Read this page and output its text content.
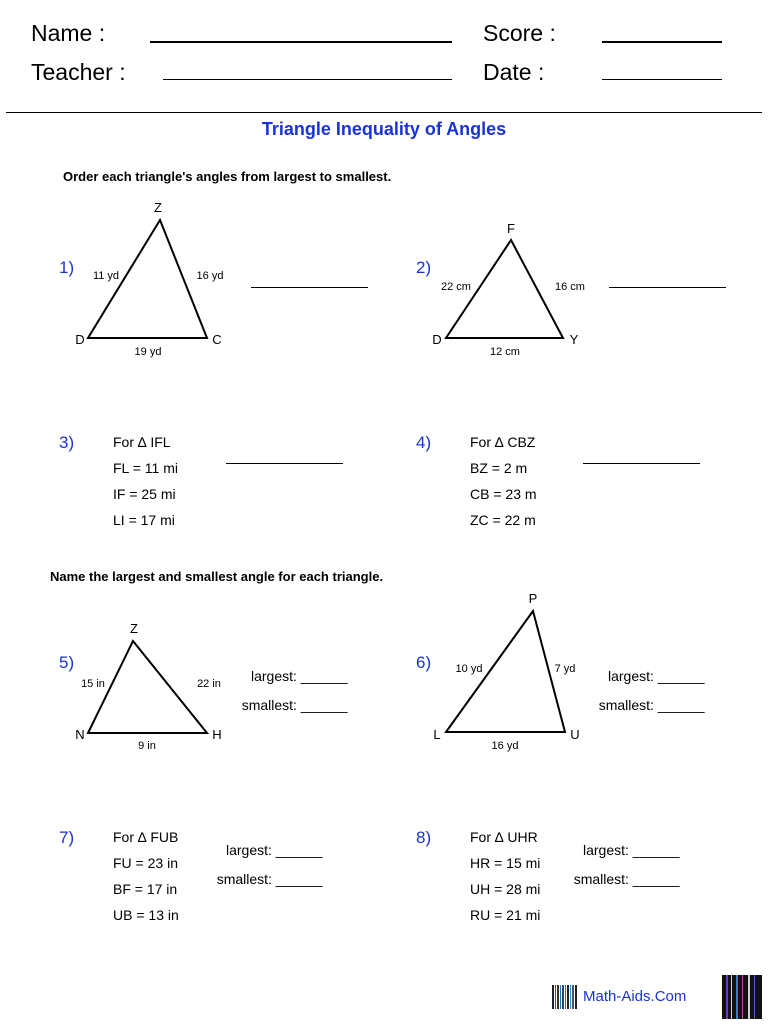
Name :
Teacher :
Score :
Date :
Triangle Inequality of Angles
Order each triangle's angles from largest to smallest.
1)
Z
D	C
11 yd	16 yd
19 yd
2)
F
D	Y
22 cm	16 cm
12 cm
3)	For ∆ IFL
FL = 11 mi
IF = 25 mi
LI = 17 mi
4)	For ∆ CBZ
BZ = 2 m
CB = 23 m
ZC = 22 m
Name the largest and smallest angle for each triangle.
5)
Z
N	H
15 in	22 in
9 in
largest: ______
smallest: ______
6)
P
L	U
10 yd	7 yd
16 yd
largest: ______
smallest: ______
7)	For ∆ FUB
FU = 23 in
BF = 17 in
UB = 13 in
largest: ______
smallest: ______
8)	For ∆ UHR
HR = 15 mi
UH = 28 mi
RU = 21 mi
largest: ______
smallest: ______
Math-Aids.Com
